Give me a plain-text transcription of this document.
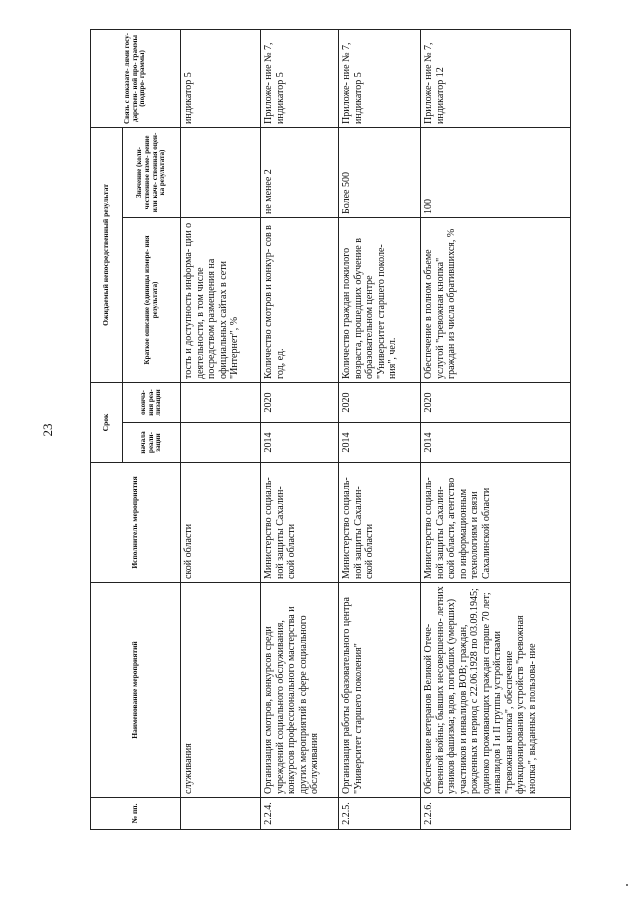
23
№ пп.	Наименование мероприятий	Исполнитель мероприятия	Срок		Ожидаемый непосредственный результат		Связь с показате- лями госу- дарствен- ной про- граммы (подпро- граммы)
			начала реали- зации	оконча- ния реа- лизации	Краткое описание (единицы измере- ния результата)	Значение (коли- чественное изме- рение или каче- ственная оцен- ка результата)	
	служивания	ской области			тость и доступность информа- ции о деятельности, в том числе посредством размещения на официальных сайтах в сети "Интернет", %		индикатор 5
2.2.4.	Организация смотров, конкурсов среди учреждений социального обслуживания, конкурсов профессионального мастерства и других мероприятий в сфере социального обслуживания	Министерство социаль- ной защиты Сахалин- ской области	2014	2020	Количество смотров и конкур- сов в год, ед.	не менее 2	Приложе- ние № 7, индикатор 5
2.2.5.	Организация работы образовательного центра "Университет старшего поколения"	Министерство социаль- ной защиты Сахалин- ской области	2014	2020	Количество граждан пожилого возраста, прошедших обучение в образовательном центре "Университет старшего поколе- ния", чел.	Более 500	Приложе- ние № 7, индикатор 5
2.2.6.	Обеспечение ветеранов Великой Отече- ственной войны; бывших несовершенно- летних узников фашизма; вдов, погибших (умерших) участников и инвалидов ВОВ; граждан, рожденных в период с 22.06.1928 по 03.09.1945; одиноко проживающих граждан старше 70 лет; инвалидов I и II группы устройствами "тревожная кнопка", обеспечение функционирования устройств "тревожная кнопка", выданных в пользова- ние	Министерство социаль- ной защиты Сахалин- ской области, агентство по информационным технологиям и связи Сахалинской области	2014	2020	Обеспечение в полном объеме услугой "тревожная кнопка" граждан из числа обратившихся, %	100	Приложе- ние № 7, индикатор 12
